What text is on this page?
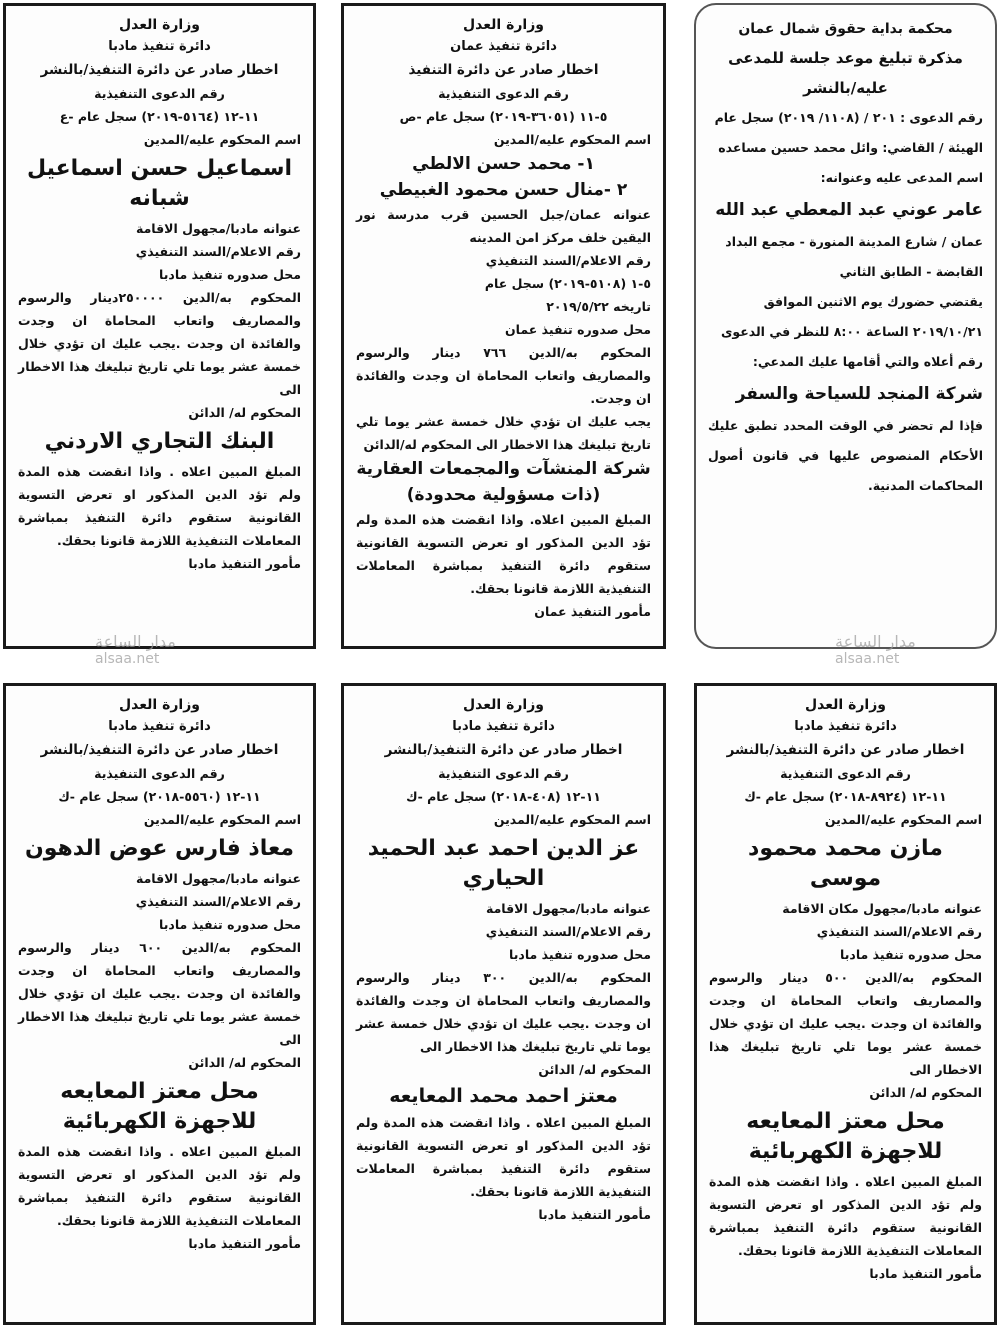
وزارة العدل
دائرة تنفيذ مادبا
اخطار صادر عن دائرة التنفيذ/بالنشر
رقم الدعوى التنفيذية
١١-١٢ (٥١٦٤-٢٠١٩) سجل عام -ع
اسم المحكوم عليه/المدين
اسماعيل حسن اسماعيل شبانه
عنوانه مادبا/مجهول الاقامة
رقم الاعلام/السند التنفيذي
محل صدوره تنفيذ مادبا
المحكوم به/الدين ٢٥٠٠٠٠دينار والرسوم والمصاريف واتعاب المحاماة ان وجدت والفائدة ان وجدت .يجب عليك ان تؤدي خلال خمسة عشر يوما تلي تاريخ تبليغك هذا الاخطار الى
المحكوم له/ الدائن
البنك التجاري الاردني
المبلغ المبين اعلاه . واذا انقضت هذه المدة ولم تؤد الدين المذكور او تعرض التسوية القانونية ستقوم دائرة التنفيذ بمباشرة المعاملات التنفيذية اللازمة قانونا بحقك.
مأمور التنفيذ مادبا
وزارة العدل
دائرة تنفيذ عمان
اخطار صادر عن دائرة التنفيذ
رقم الدعوى التنفيذية
٥-١١ (٣٦٠٥١-٢٠١٩) سجل عام -ص
اسم المحكوم عليه/المدين
١- محمد حسن الالطي
٢ -منال حسن محمود الغبيطي
عنوانه عمان/جبل الحسين قرب مدرسة نور اليقين خلف مركز امن المدينه
رقم الاعلام/السند التنفيذي
٥-١ (٥١٠٨-٢٠١٩) سجل عام
تاريخه ٢٠١٩/٥/٢٢
محل صدوره تنفيذ عمان
المحكوم به/الدين ٧٦٦ دينار والرسوم والمصاريف واتعاب المحاماة ان وجدت والفائدة ان وجدت.
يجب عليك ان تؤدي خلال خمسة عشر يوما تلي تاريخ تبليغك هذا الاخطار الى المحكوم له/الدائن
شركة المنشآت والمجمعات العقارية (ذات مسؤولية محدودة)
المبلغ المبين اعلاه. واذا انقضت هذه المدة ولم تؤد الدين المذكور او تعرض التسوية القانونية ستقوم دائرة التنفيذ بمباشرة المعاملات التنفيذية اللازمة قانونا بحقك.
مأمور التنفيذ عمان
محكمة بداية حقوق شمال عمان
مذكرة تبليغ موعد جلسة للمدعى
عليه/بالنشر
رقم الدعوى : ٢٠١ / (١١٠٨/ ٢٠١٩) سجل عام
الهيئة / القاضي: وائل محمد حسين مساعده
اسم المدعى عليه وعنوانه:
عامر عوني عبد المعطي عبد الله
عمان / شارع المدينة المنورة - مجمع البداد
القابضة - الطابق الثاني
يقتضي حضورك يوم الاثنين الموافق
٢٠١٩/١٠/٢١ الساعة ٨:٠٠ للنظر في الدعوى
رقم أعلاه والتي أقامها عليك المدعي:
شركة المنجد للسياحة والسفر
فإذا لم تحضر في الوقت المحدد تطبق عليك الأحكام المنصوص عليها في قانون أصول المحاكمات المدنية.
وزارة العدل
دائرة تنفيذ مادبا
اخطار صادر عن دائرة التنفيذ/بالنشر
رقم الدعوى التنفيذية
١١-١٢ (٥٥٦٠-٢٠١٨) سجل عام -ك
اسم المحكوم عليه/المدين
معاذ فارس عوض الدهون
عنوانه مادبا/مجهول الاقامة
رقم الاعلام/السند التنفيذي
محل صدوره تنفيذ مادبا
المحكوم به/الدين ٦٠٠ دينار والرسوم والمصاريف واتعاب المحاماة ان وجدت والفائدة ان وجدت .يجب عليك ان تؤدي خلال خمسة عشر يوما تلي تاريخ تبليغك هذا الاخطار الى
المحكوم له/ الدائن
محل معتز المعايعه للاجهزة الكهربائية
المبلغ المبين اعلاه . واذا انقضت هذه المدة ولم تؤد الدين المذكور او تعرض التسوية القانونية ستقوم دائرة التنفيذ بمباشرة المعاملات التنفيذية اللازمة قانونا بحقك.
مأمور التنفيذ مادبا
وزارة العدل
دائرة تنفيذ مادبا
اخطار صادر عن دائرة التنفيذ/بالنشر
رقم الدعوى التنفيذية
١١-١٢ (٤٠٨-٢٠١٨) سجل عام -ك
اسم المحكوم عليه/المدين
عز الدين احمد عبد الحميد الحياري
عنوانه مادبا/مجهول الاقامة
رقم الاعلام/السند التنفيذي
محل صدوره تنفيذ مادبا
المحكوم به/الدين ٣٠٠ دينار والرسوم والمصاريف واتعاب المحاماة ان وجدت والفائدة ان وجدت .يجب عليك ان تؤدي خلال خمسة عشر يوما تلي تاريخ تبليغك هذا الاخطار الى
المحكوم له/ الدائن
معتز احمد محمد المعايعه
المبلغ المبين اعلاه . واذا انقضت هذه المدة ولم تؤد الدين المذكور او تعرض التسوية القانونية ستقوم دائرة التنفيذ بمباشرة المعاملات التنفيذية اللازمة قانونا بحقك.
مأمور التنفيذ مادبا
وزارة العدل
دائرة تنفيذ مادبا
اخطار صادر عن دائرة التنفيذ/بالنشر
رقم الدعوى التنفيذية
١١-١٢ (٨٩٢٤-٢٠١٨) سجل عام -ك
اسم المحكوم عليه/المدين
مازن محمد محمود موسى
عنوانه مادبا/مجهول مكان الاقامة
رقم الاعلام/السند التنفيذي
محل صدوره تنفيذ مادبا
المحكوم به/الدين ٥٠٠ دينار والرسوم والمصاريف واتعاب المحاماة ان وجدت والفائدة ان وجدت .يجب عليك ان تؤدي خلال خمسة عشر يوما تلي تاريخ تبليغك هذا الاخطار الى
المحكوم له/ الدائن
محل معتز المعايعه للاجهزة الكهربائية
المبلغ المبين اعلاه . واذا انقضت هذه المدة ولم تؤد الدين المذكور او تعرض التسوية القانونية ستقوم دائرة التنفيذ بمباشرة المعاملات التنفيذية اللازمة قانونا بحقك.
مأمور التنفيذ مادبا
مدار الساعة
alsaa.net
مدار الساعة
alsaa.net
